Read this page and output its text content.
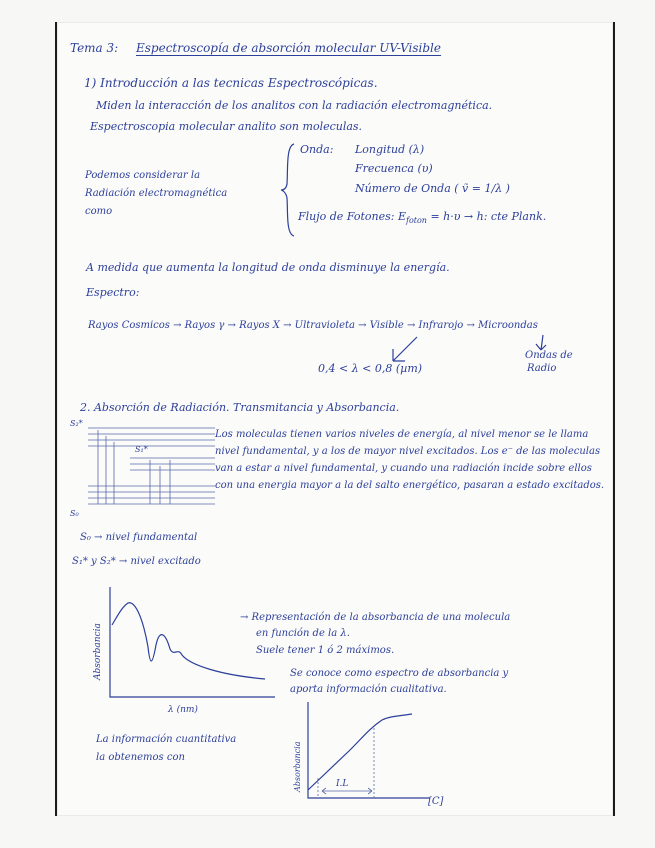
Tema 3: Espectroscopía de absorción molecular UV-Visible
1) Introducción a las tecnicas Espectroscópicas.
Miden la interacción de los analitos con la radiación electromagnética.
Espectroscopia molecular analito son moleculas.
Podemos considerar la
Radiación electromagnética
como
Onda: Longitud (λ)
Frecuenca (υ)
Número de Onda ( ṽ = 1/λ )
Flujo de Fotones: $E_{foton} = h\cdot\upsilon \to h$: cte Plank.
A medida que aumenta la longitud de onda disminuye la energía.
Espectro:
Rayos Cosmicos → Rayos γ → Rayos X → Ultravioleta → Visible → Infrarojo → Microondas
0,4 < λ < 0,8 (µm)
Ondas de
Radio
2. Absorción de Radiación. Transmitancia y Absorbancia.
S₂*
S₁*
S₀
Los moleculas tienen varios niveles de energía, al nivel menor se le llama nivel fundamental, y a los de mayor nivel excitados. Los e⁻ de las moleculas van a estar a nivel fundamental, y cuando una radiación incide sobre ellos con una energia mayor a la del salto energético, pasaran a estado excitados.
S₀ → nivel fundamental
S₁* y S₂* → nivel excitado
Absorbancia
λ (nm)
→ Representación de la absorbancia de una molecula
en función de la λ.
Suele tener 1 ó 2 máximos.
Se conoce como espectro de absorbancia y
aporta información cualitativa.
La información cuantitativa
la obtenemos con
I.L
Absorbancia
[C]
